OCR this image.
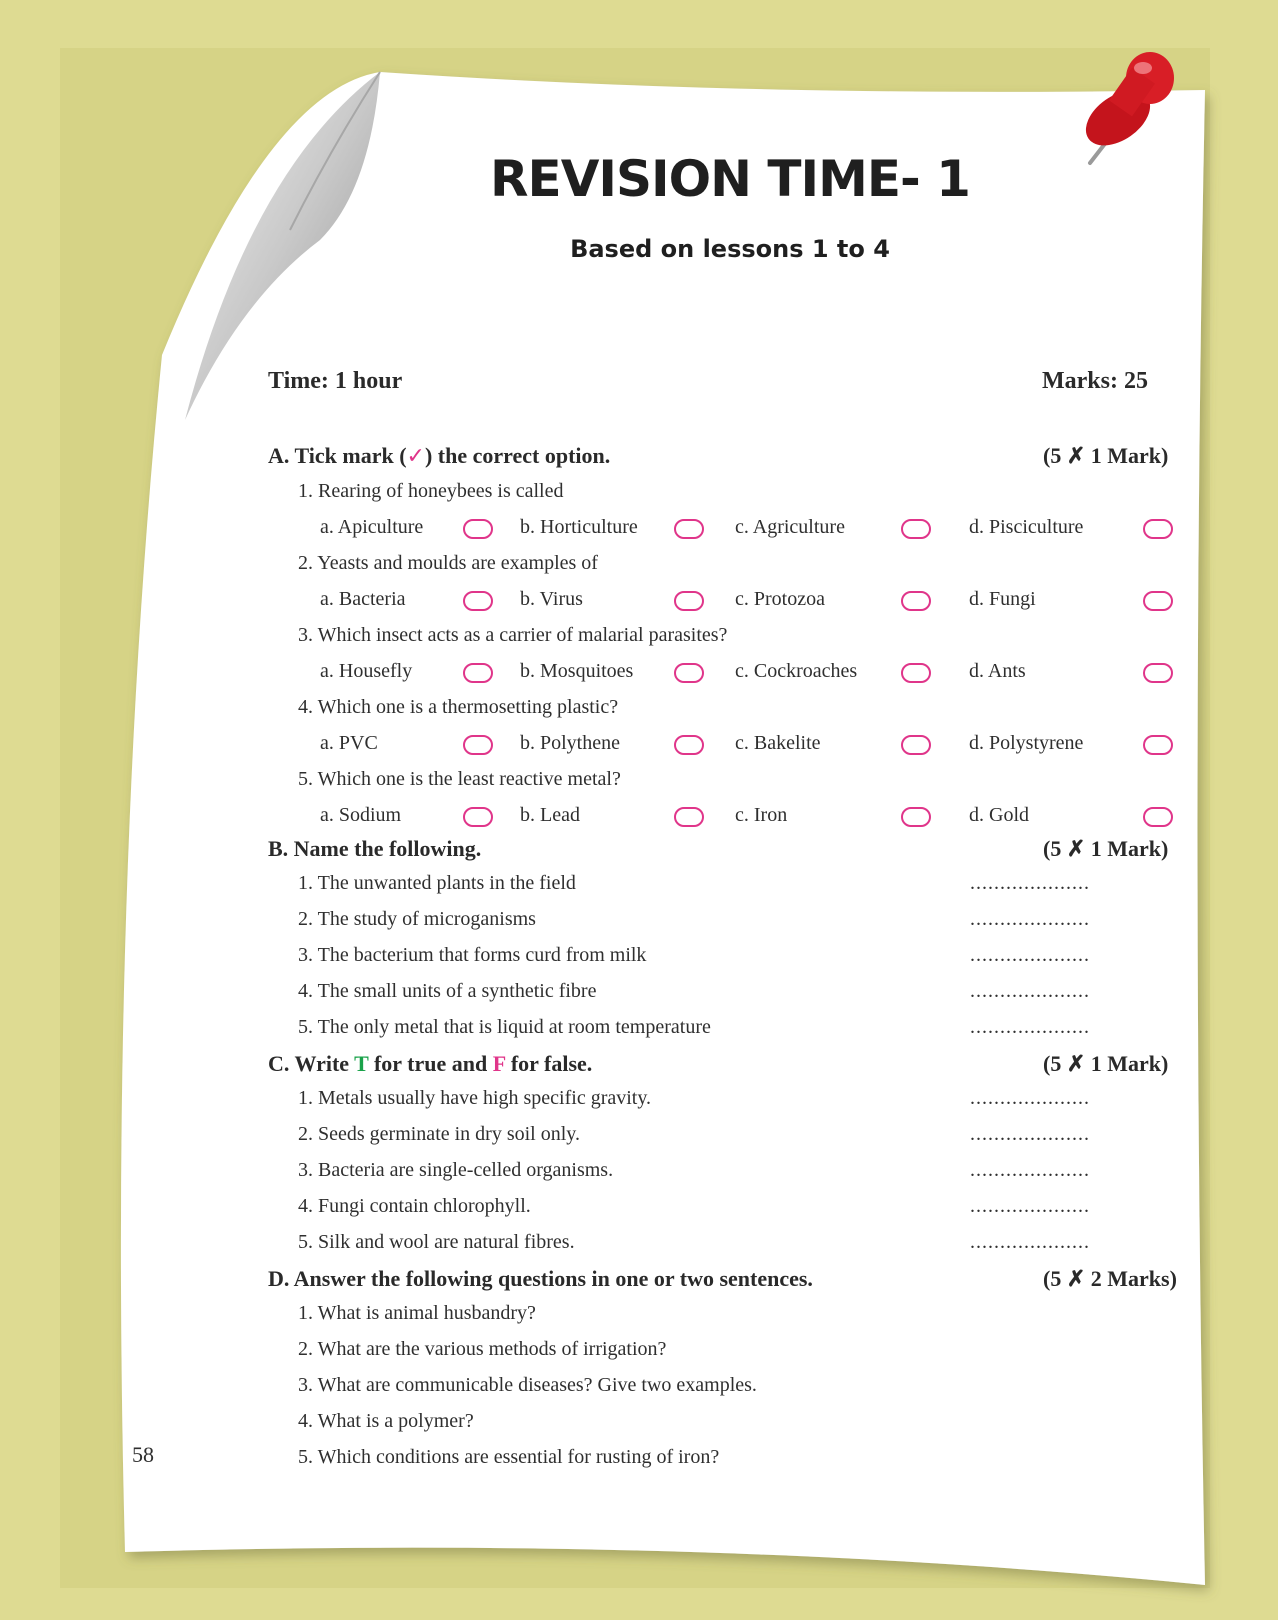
REVISION TIME- 1
Based on lessons 1 to 4
Time: 1 hour	Marks: 25
A. Tick mark (✓) the correct option.	(5 ✗ 1 Mark)
1. Rearing of honeybees is called
a. Apiculture	b. Horticulture	c. Agriculture	d. Pisciculture
2. Yeasts and moulds are examples of
a. Bacteria	b. Virus	c. Protozoa	d. Fungi
3. Which insect acts as a carrier of malarial parasites?
a. Housefly	b. Mosquitoes	c. Cockroaches	d. Ants
4. Which one is a thermosetting plastic?
a. PVC	b. Polythene	c. Bakelite	d. Polystyrene
5. Which one is the least reactive metal?
a. Sodium	b. Lead	c. Iron	d. Gold
B. Name the following.	(5 ✗ 1 Mark)
1. The unwanted plants in the field	....................
2. The study of microganisms	....................
3. The bacterium that forms curd from milk	....................
4. The small units of a synthetic fibre	....................
5. The only metal that is liquid at room temperature	....................
C. Write T for true and F for false.	(5 ✗ 1 Mark)
1. Metals usually have high specific gravity.	....................
2. Seeds germinate in dry soil only.	....................
3. Bacteria are single-celled organisms.	....................
4. Fungi contain chlorophyll.	....................
5. Silk and wool are natural fibres.	....................
D. Answer the following questions in one or two sentences.	(5 ✗ 2 Marks)
1. What is animal husbandry?
2. What are the various methods of irrigation?
3. What are communicable diseases? Give two examples.
4. What is a polymer?
5. Which conditions are essential for rusting of iron?
58
